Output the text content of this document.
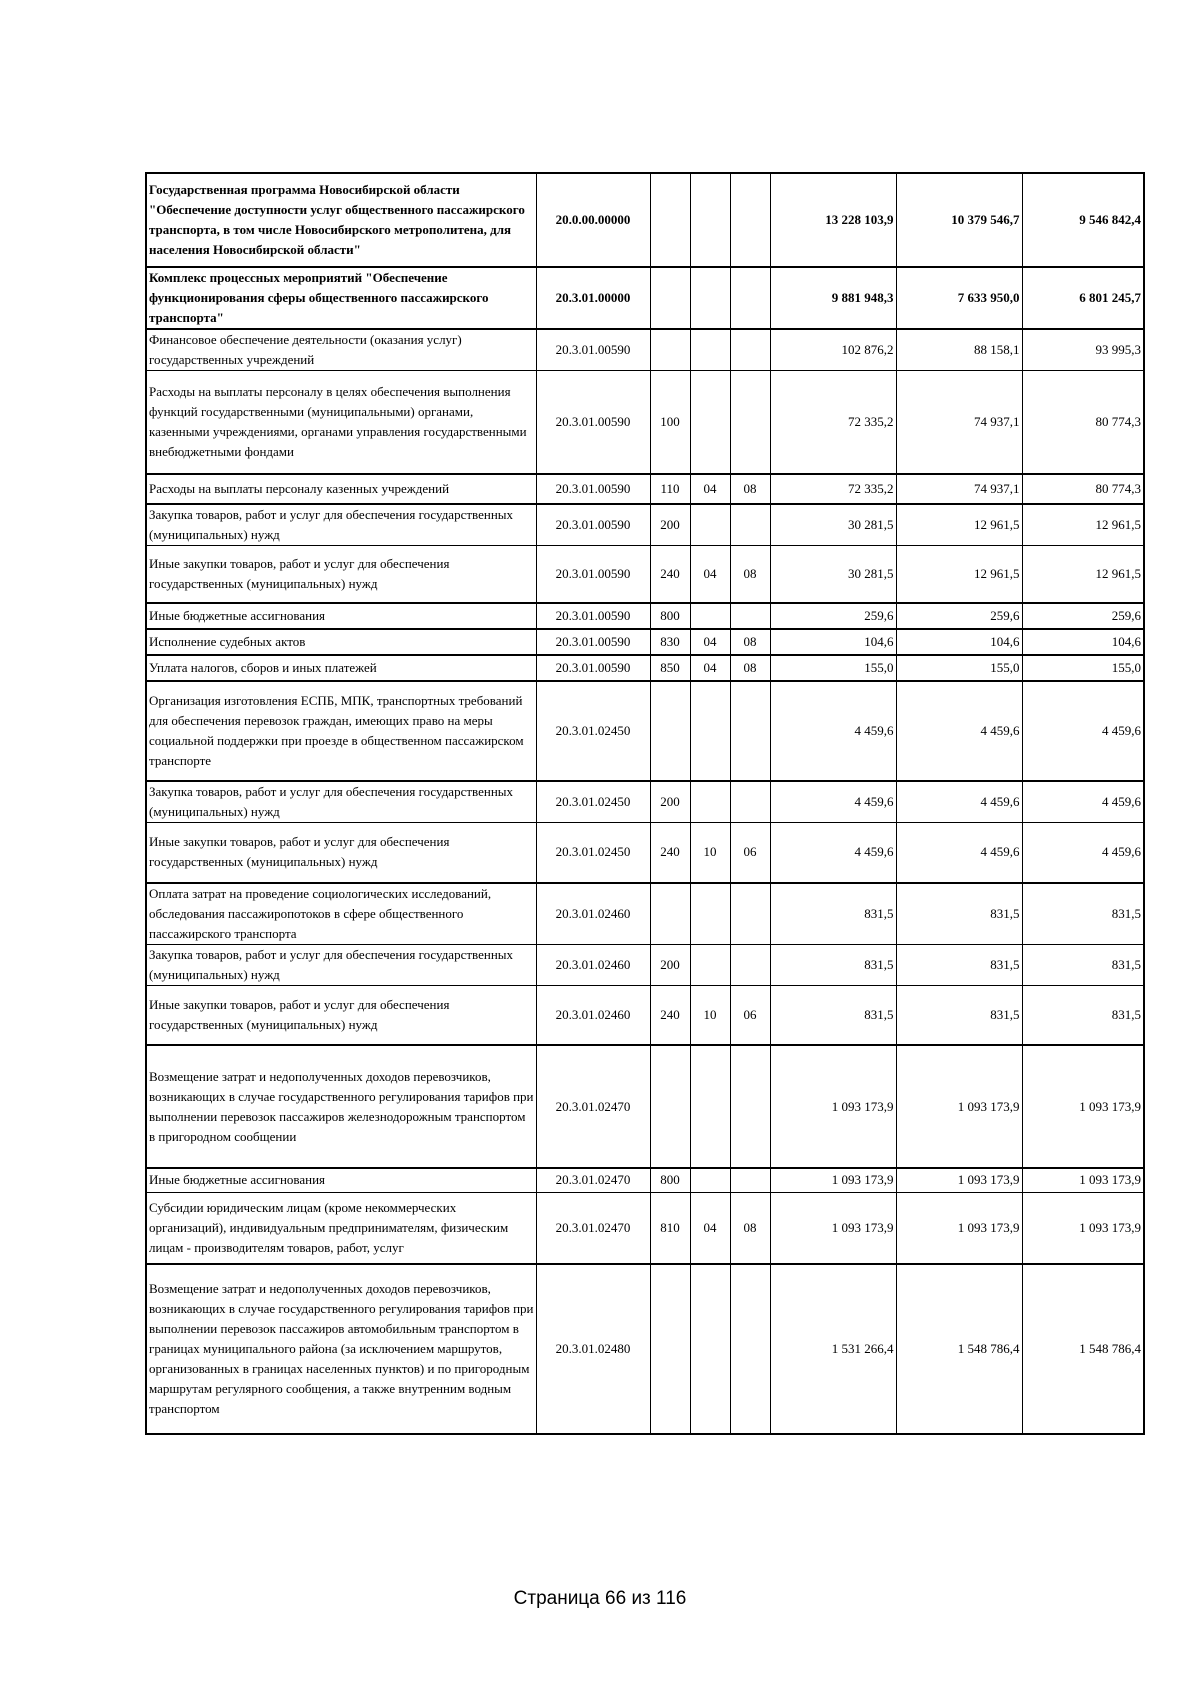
Государственная программа Новосибирской области "Обеспечение доступности услуг общественного пассажирского транспорта, в том числе Новосибирского метрополитена, для населения Новосибирской области"	20.0.00.00000				13 228 103,9	10 379 546,7	9 546 842,4
Комплекс процессных мероприятий "Обеспечение функционирования сферы общественного пассажирского транспорта"	20.3.01.00000				9 881 948,3	7 633 950,0	6 801 245,7
Финансовое обеспечение деятельности (оказания услуг) государственных учреждений	20.3.01.00590				102 876,2	88 158,1	93 995,3
Расходы на выплаты персоналу в целях обеспечения выполнения функций государственными (муниципальными) органами, казенными учреждениями, органами управления государственными внебюджетными фондами	20.3.01.00590	100			72 335,2	74 937,1	80 774,3
Расходы на выплаты персоналу казенных учреждений	20.3.01.00590	110	04	08	72 335,2	74 937,1	80 774,3
Закупка товаров, работ и услуг для обеспечения государственных (муниципальных) нужд	20.3.01.00590	200			30 281,5	12 961,5	12 961,5
Иные закупки товаров, работ и услуг для обеспечения государственных (муниципальных) нужд	20.3.01.00590	240	04	08	30 281,5	12 961,5	12 961,5
Иные бюджетные ассигнования	20.3.01.00590	800			259,6	259,6	259,6
Исполнение судебных актов	20.3.01.00590	830	04	08	104,6	104,6	104,6
Уплата налогов, сборов и иных платежей	20.3.01.00590	850	04	08	155,0	155,0	155,0
Организация изготовления ЕСПБ, МПК, транспортных требований для обеспечения перевозок граждан, имеющих право на меры социальной поддержки при проезде в общественном пассажирском транспорте	20.3.01.02450				4 459,6	4 459,6	4 459,6
Закупка товаров, работ и услуг для обеспечения государственных (муниципальных) нужд	20.3.01.02450	200			4 459,6	4 459,6	4 459,6
Иные закупки товаров, работ и услуг для обеспечения государственных (муниципальных) нужд	20.3.01.02450	240	10	06	4 459,6	4 459,6	4 459,6
Оплата затрат на проведение социологических исследований, обследования пассажиропотоков в сфере общественного пассажирского транспорта	20.3.01.02460				831,5	831,5	831,5
Закупка товаров, работ и услуг для обеспечения государственных (муниципальных) нужд	20.3.01.02460	200			831,5	831,5	831,5
Иные закупки товаров, работ и услуг для обеспечения государственных (муниципальных) нужд	20.3.01.02460	240	10	06	831,5	831,5	831,5
Возмещение затрат и недополученных доходов перевозчиков, возникающих в случае государственного регулирования тарифов при выполнении перевозок пассажиров железнодорожным транспортом в пригородном сообщении	20.3.01.02470				1 093 173,9	1 093 173,9	1 093 173,9
Иные бюджетные ассигнования	20.3.01.02470	800			1 093 173,9	1 093 173,9	1 093 173,9
Субсидии юридическим лицам (кроме некоммерческих организаций), индивидуальным предпринимателям, физическим лицам - производителям товаров, работ, услуг	20.3.01.02470	810	04	08	1 093 173,9	1 093 173,9	1 093 173,9
Возмещение затрат и недополученных доходов перевозчиков, возникающих в случае государственного регулирования тарифов при выполнении перевозок пассажиров автомобильным транспортом в границах муниципального района (за исключением маршрутов, организованных в границах населенных пунктов) и по пригородным маршрутам регулярного сообщения, а также внутренним водным транспортом	20.3.01.02480				1 531 266,4	1 548 786,4	1 548 786,4
Страница 66 из 116
